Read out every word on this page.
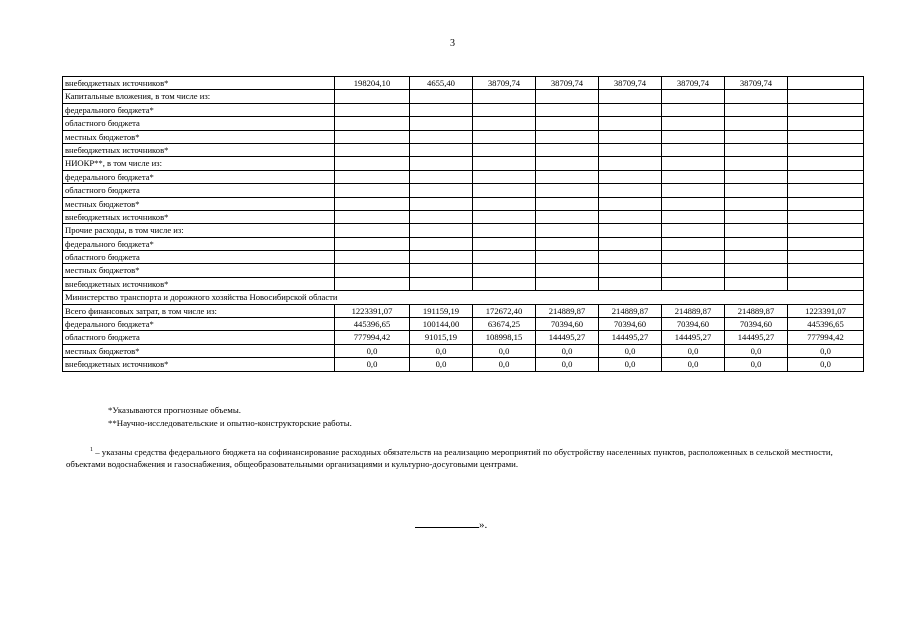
3
внебюджетных источников*	198204,10	4655,40	38709,74	38709,74	38709,74	38709,74	38709,74	
Капитальные вложения, в том числе из:								
федерального бюджета*								
областного бюджета								
местных бюджетов*								
внебюджетных источников*								
НИОКР**, в том числе из:								
федерального бюджета*								
областного бюджета								
местных бюджетов*								
внебюджетных источников*								
Прочие расходы, в том числе из:								
федерального бюджета*								
областного бюджета								
местных бюджетов*								
внебюджетных источников*								
Министерство транспорта и дорожного хозяйства Новосибирской области								
Всего финансовых затрат, в том числе из:	1223391,07	191159,19	172672,40	214889,87	214889,87	214889,87	214889,87	1223391,07
федерального бюджета*	445396,65	100144,00	63674,25	70394,60	70394,60	70394,60	70394,60	445396,65
областного бюджета	777994,42	91015,19	108998,15	144495,27	144495,27	144495,27	144495,27	777994,42
местных бюджетов*	0,0	0,0	0,0	0,0	0,0	0,0	0,0	0,0
внебюджетных источников*	0,0	0,0	0,0	0,0	0,0	0,0	0,0	0,0
*Указываются прогнозные объемы.
**Научно-исследовательские и опытно-конструкторские работы.
$^1$ – указаны средства федерального бюджета на софинансирование расходных обязательств на реализацию мероприятий по обустройству населенных пунктов, расположенных в сельской местности, объектами водоснабжения и газоснабжения, общеобразовательными организациями и культурно-досуговыми центрами.
».
